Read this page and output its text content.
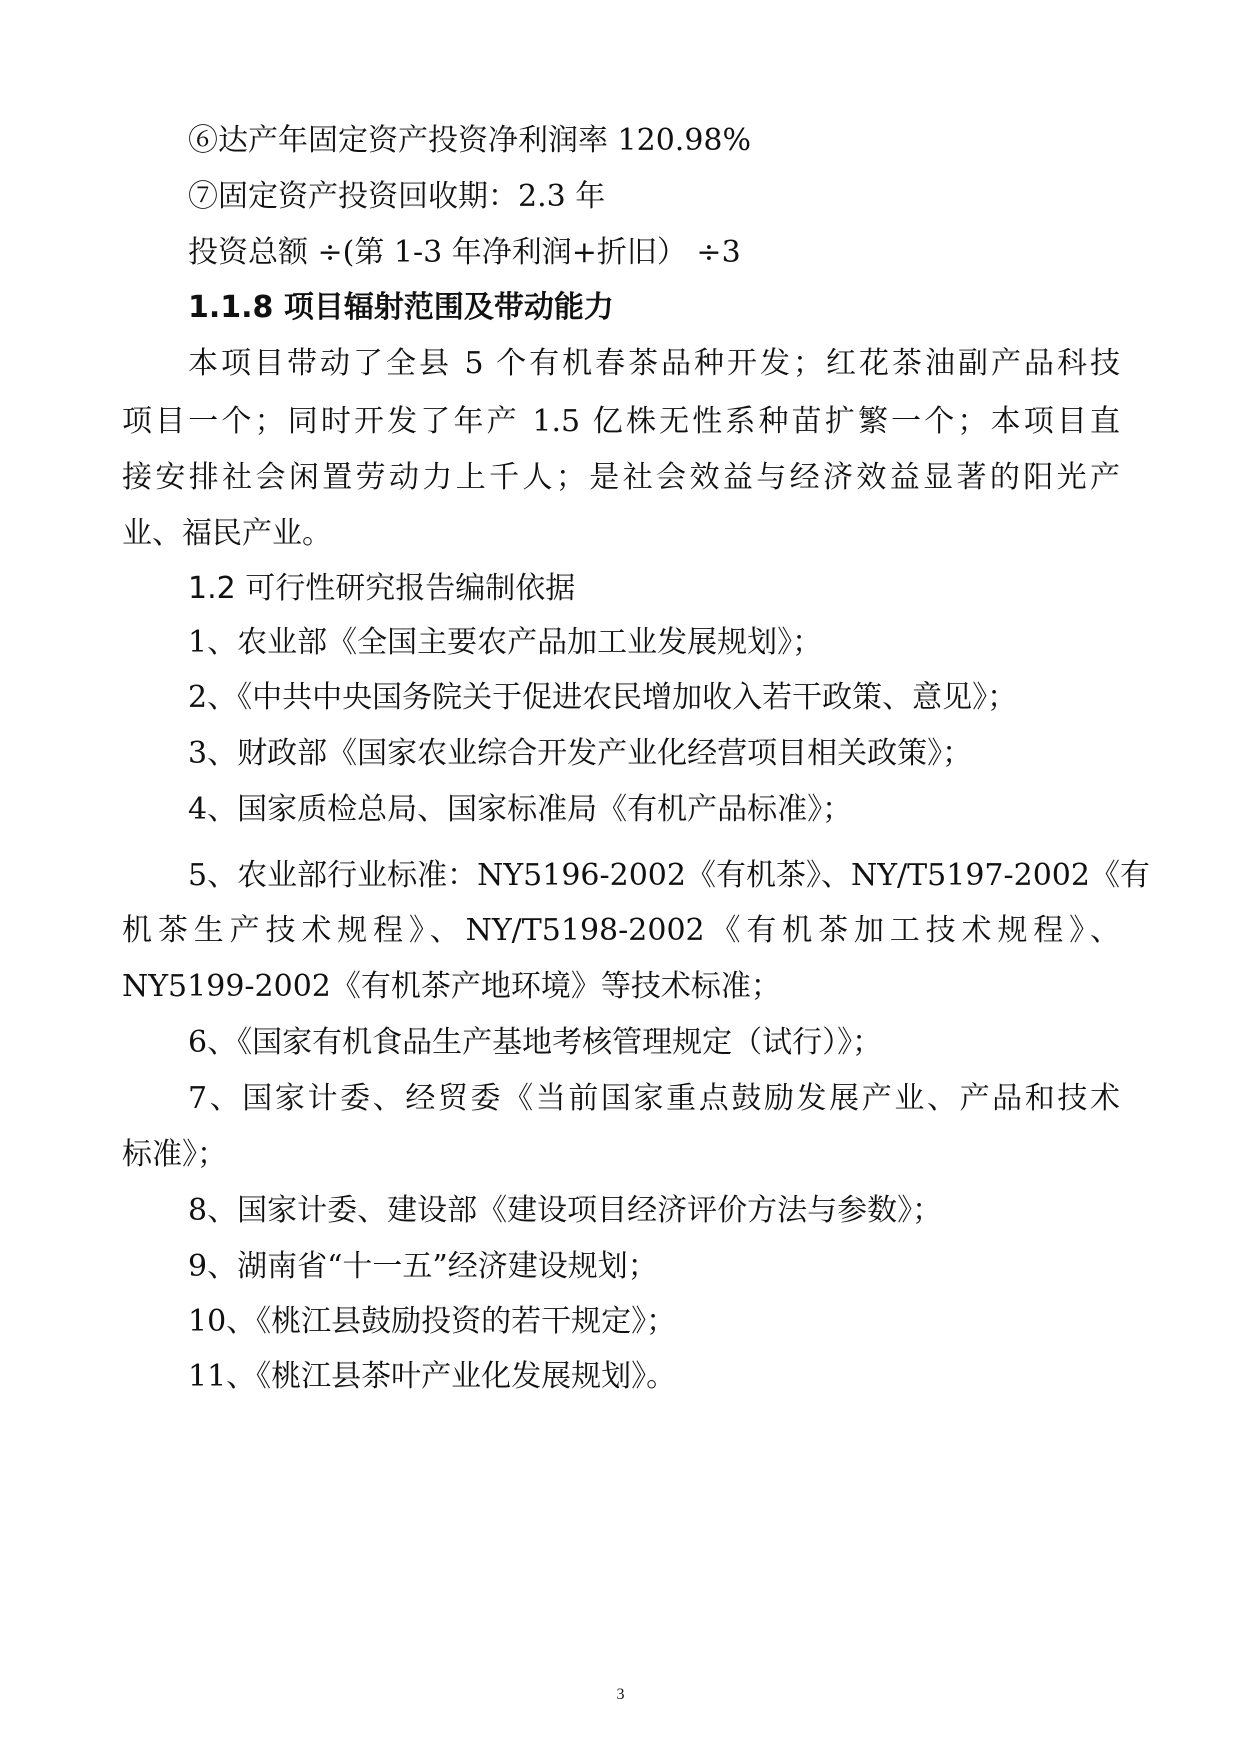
⑥达产年固定资产投资净利润率 120.98%
⑦固定资产投资回收期：2.3 年
投资总额 ÷(第 1-3 年净利润+折旧） ÷3
1.1.8 项目辐射范围及带动能力
本项目带动了全县 5 个有机春茶品种开发；红花茶油副产品科技
项目一个；同时开发了年产 1.5 亿株无性系种苗扩繁一个；本项目直
接安排社会闲置劳动力上千人；是社会效益与经济效益显著的阳光产
业、福民产业。
1.2 可行性研究报告编制依据
1、农业部《全国主要农产品加工业发展规划》；
2、《中共中央国务院关于促进农民增加收入若干政策、意见》；
3、财政部《国家农业综合开发产业化经营项目相关政策》；
4、国家质检总局、国家标准局《有机产品标准》；
5、农业部行业标准：NY5196-2002《有机茶》、NY/T5197-2002《有
机茶生产技术规程》、NY/T5198-2002《有机茶加工技术规程》、
NY5199-2002《有机茶产地环境》等技术标准；
6、《国家有机食品生产基地考核管理规定（试行）》；
7、国家计委、经贸委《当前国家重点鼓励发展产业、产品和技术
标准》；
8、国家计委、建设部《建设项目经济评价方法与参数》；
9、湖南省“十一五”经济建设规划；
10、《桃江县鼓励投资的若干规定》；
11、《桃江县茶叶产业化发展规划》。
3
